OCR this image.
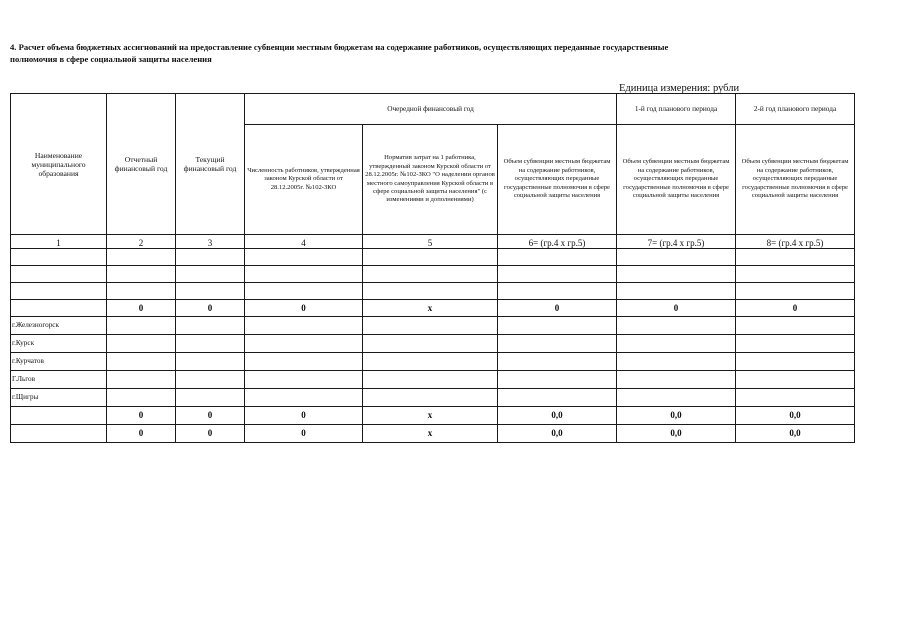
4. Расчет объема бюджетных ассигнований на предоставление субвенции местным бюджетам на содержание работников, осуществляющих переданные государственные
полномочия в сфере социальной защиты населения
Единица измерения: рубли
Наименование муниципального образования	Отчетный финансовый год	Текущий финансовый год	Очередной финансовый год			1-й год планового периода	2-й год планового периода
			Численность работников, утвержденная законом Курской области от 28.12.2005г. №102-ЗКО	Норматив затрат на 1 работника, утвержденный законом Курской области от 28.12.2005г. №102-ЗКО "О наделении органов местного самоуправления Курской области в сфере социальной защиты населения" (с изменениями и дополнениями)	Объем субвенции местным бюджетам на содержание работников, осуществляющих переданные государственные полномочия в сфере социальной защиты населения	Объем субвенции местным бюджетам на содержание работников, осуществляющих переданные государственные полномочия в сфере социальной защиты населения	Объем субвенции местным бюджетам на содержание работников, осуществляющих переданные государственные полномочия в сфере социальной защиты населения
1	2	3	4	5	6= (гр.4 х гр.5)	7= (гр.4 х гр.5)	8= (гр.4 х гр.5)

	0	0	0	х	0	0	0
г.Железногорск							
г.Курск							
г.Курчатов							
Г.Льгов							
г.Щигры							
	0	0	0	х	0,0	0,0	0,0
	0	0	0	х	0,0	0,0	0,0
